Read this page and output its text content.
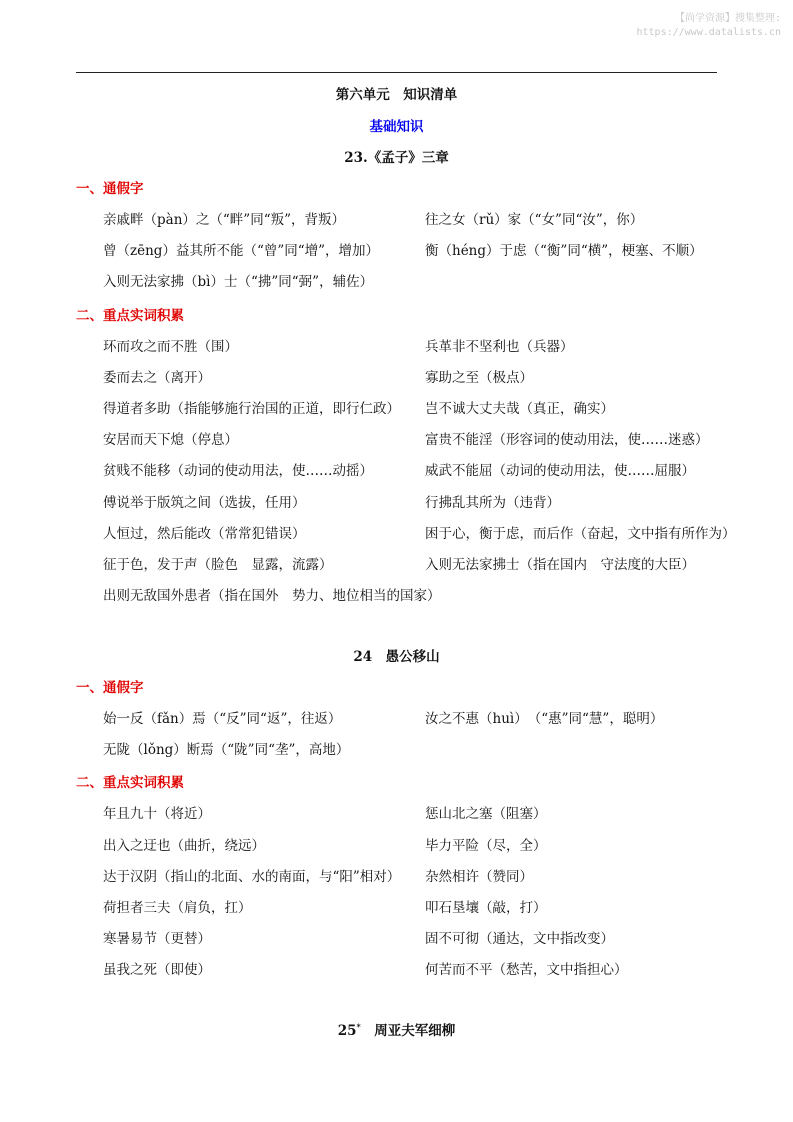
【尚学资源】搜集整理:
https://www.datalists.cn
第六单元　知识清单
基础知识
23.《孟子》三章
一、通假字
亲戚畔（pàn）之（“畔”同“叛”，背叛）	往之女（rǔ）家（“女”同“汝”，你）
曾（zēng）益其所不能（“曾”同“增”，增加）	衡（héng）于虑（“衡”同“横”，梗塞、不顺）
入则无法家拂（bì）士（“拂”同“弼”，辅佐）
二、重点实词积累
环而攻之而不胜（围）	兵革非不坚利也（兵器）
委而去之（离开）	寡助之至（极点）
得道者多助（指能够施行治国的正道，即行仁政） 岂不诚大丈夫哉（真正，确实）
安居而天下熄（停息）	富贵不能淫（形容词的使动用法，使……迷惑）
贫贱不能移（动词的使动用法，使……动摇）	威武不能屈（动词的使动用法，使……屈服）
傅说举于版筑之间（选拔，任用）	行拂乱其所为（违背）
人恒过，然后能改（常常犯错误）	困于心，衡于虑，而后作（奋起，文中指有所作为）
征于色，发于声（脸色　显露，流露）	入则无法家拂士（指在国内　守法度的大臣）
出则无敌国外患者（指在国外　势力、地位相当的国家）
24　愚公移山
一、通假字
始一反（fǎn）焉（“反”同“返”，往返）	汝之不惠（huì）　（“惠”同“慧”，聪明）
无陇（lǒng）断焉（“陇”同“垄”，高地）
二、重点实词积累
年且九十（将近）	惩山北之塞（阻塞）
出入之迂也（曲折，绕远）	毕力平险（尽，全）
达于汉阴（指山的北面、水的南面，与“阳”相对） 杂然相许（赞同）
荷担者三夫（肩负，扛）	叩石垦壤（敲，打）
寒暑易节（更替）	固不可彻（通达，文中指改变）
虽我之死（即使）	何苦而不平（愁苦，文中指担心）
25*　 周亚夫军细柳
